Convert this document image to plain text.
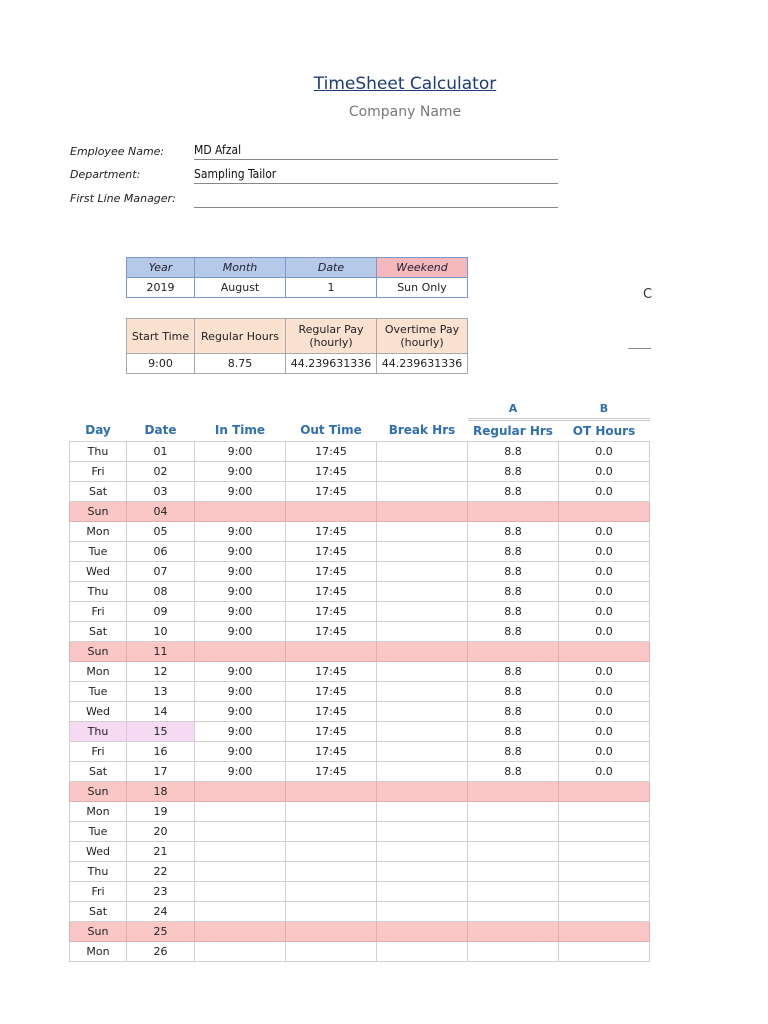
TimeSheet Calculator
Company Name
Employee Name: MD Afzal
Department:	Sampling Tailor
First Line Manager:
Year	Month	Date	Weekend
2019	August	1	Sun Only
Start Time	Regular Hours	Regular Pay (hourly)	Overtime Pay (hourly)
9:00	8.75	44.239631336	44.239631336
C
					A	B
Day	Date	In Time	Out Time	Break Hrs	Regular Hrs	OT Hours
Thu	01	9:00	17:45		8.8	0.0
Fri	02	9:00	17:45		8.8	0.0
Sat	03	9:00	17:45		8.8	0.0
Sun	04					
Mon	05	9:00	17:45		8.8	0.0
Tue	06	9:00	17:45		8.8	0.0
Wed	07	9:00	17:45		8.8	0.0
Thu	08	9:00	17:45		8.8	0.0
Fri	09	9:00	17:45		8.8	0.0
Sat	10	9:00	17:45		8.8	0.0
Sun	11					
Mon	12	9:00	17:45		8.8	0.0
Tue	13	9:00	17:45		8.8	0.0
Wed	14	9:00	17:45		8.8	0.0
Thu	15	9:00	17:45		8.8	0.0
Fri	16	9:00	17:45		8.8	0.0
Sat	17	9:00	17:45		8.8	0.0
Sun	18					
Mon	19					
Tue	20					
Wed	21					
Thu	22					
Fri	23					
Sat	24					
Sun	25					
Mon	26					
